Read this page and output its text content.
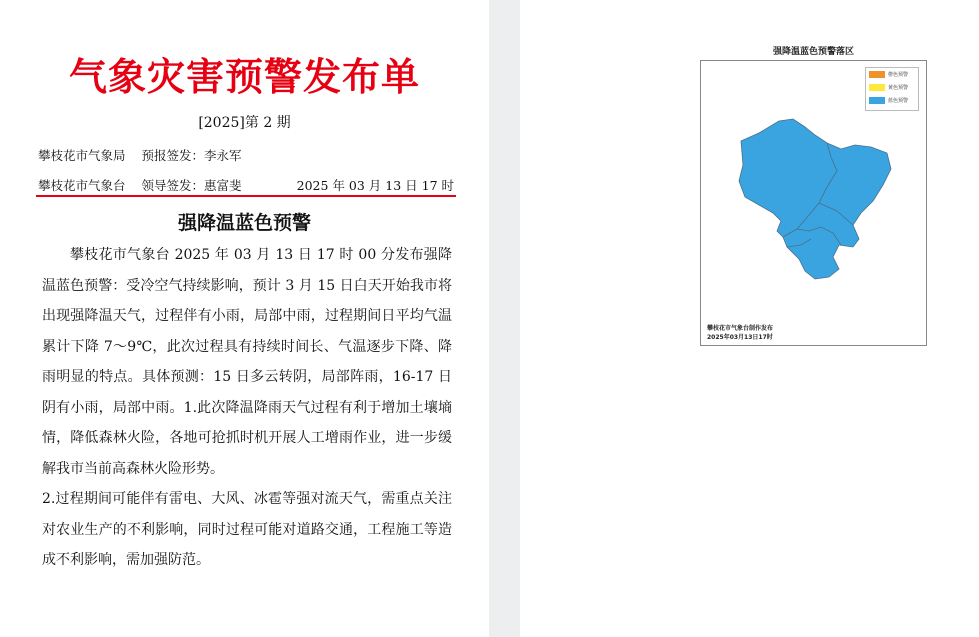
气象灾害预警发布单
[2025]第 2 期
攀枝花市气象局 预报签发：李永军
攀枝花市气象台 领导签发：惠富斐	2025 年 03 月 13 日 17 时
强降温蓝色预警

攀枝花市气象台 2025 年 03 月 13 日 17 时 00 分发布强降温蓝色预警：受冷空气持续影响，预计 3 月 15 日白天开始我市将出现强降温天气，过程伴有小雨，局部中雨，过程期间日平均气温累计下降 7～9℃，此次过程具有持续时间长、气温逐步下降、降雨明显的特点。具体预测：15 日多云转阴，局部阵雨，16-17 日阴有小雨，局部中雨。1.此次降温降雨天气过程有利于增加土壤墒情，降低森林火险，各地可抢抓时机开展人工增雨作业，进一步缓解我市当前高森林火险形势。

2.过程期间可能伴有雷电、大风、冰雹等强对流天气，需重点关注对农业生产的不利影响，同时过程可能对道路交通，工程施工等造成不利影响，需加强防范。

强降温蓝色预警落区
橙色预警
黄色预警
蓝色预警
攀枝花市气象台制作发布
2025年03月13日17时
